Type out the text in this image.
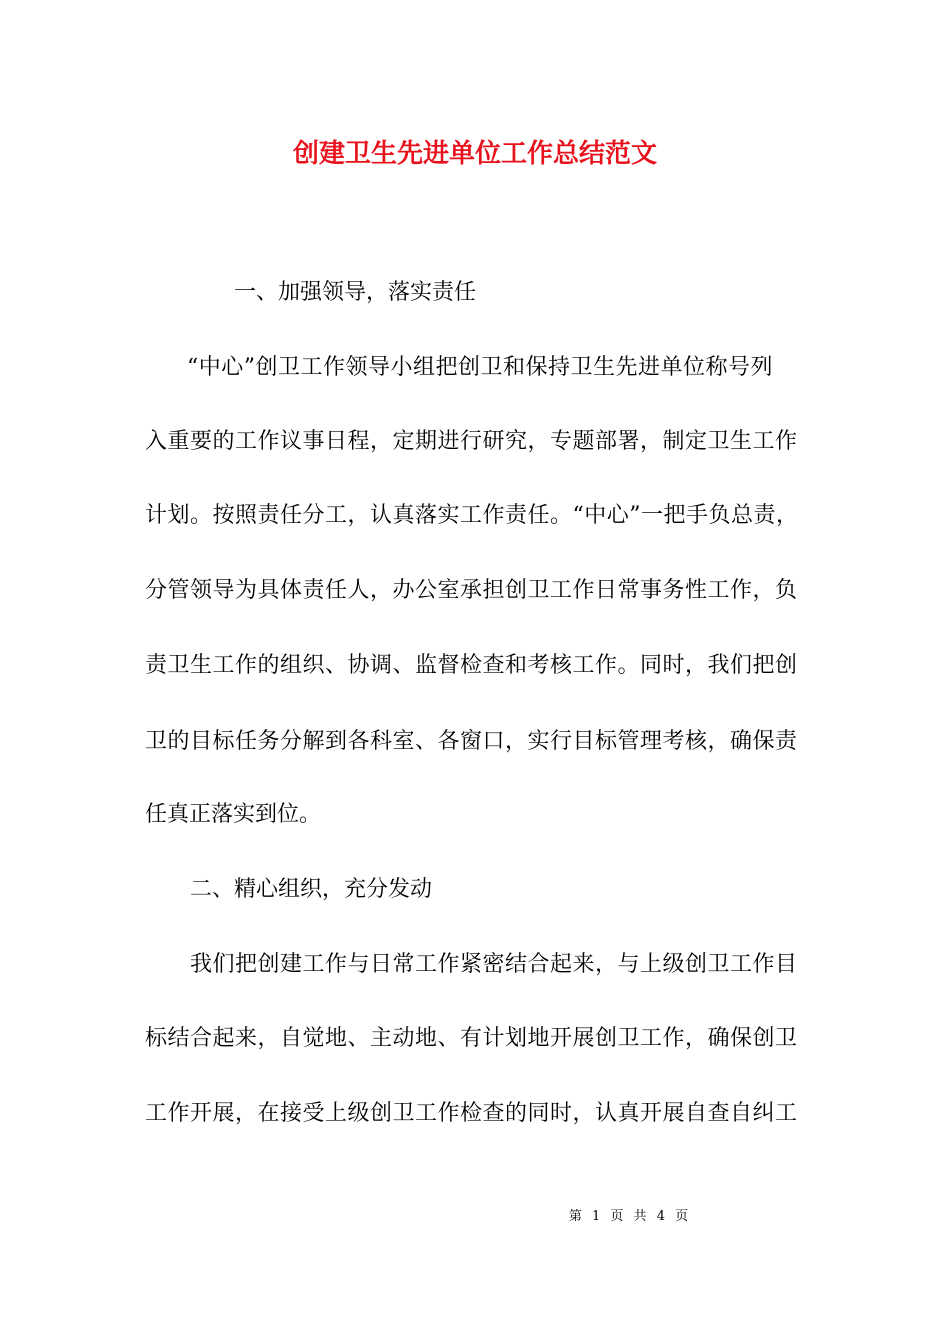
创建卫生先进单位工作总结范文

一、加强领导，落实责任

“中心”创卫工作领导小组把创卫和保持卫生先进单位称号列

入重要的工作议事日程，定期进行研究，专题部署，制定卫生工作

计划。按照责任分工，认真落实工作责任。“中心”一把手负总责，

分管领导为具体责任人，办公室承担创卫工作日常事务性工作，负

责卫生工作的组织、协调、监督检查和考核工作。同时，我们把创

卫的目标任务分解到各科室、各窗口，实行目标管理考核，确保责

任真正落实到位。

二、精心组织，充分发动

我们把创建工作与日常工作紧密结合起来，与上级创卫工作目

标结合起来，自觉地、主动地、有计划地开展创卫工作，确保创卫

工作开展，在接受上级创卫工作检查的同时，认真开展自查自纠工

第 1 页 共 4 页
